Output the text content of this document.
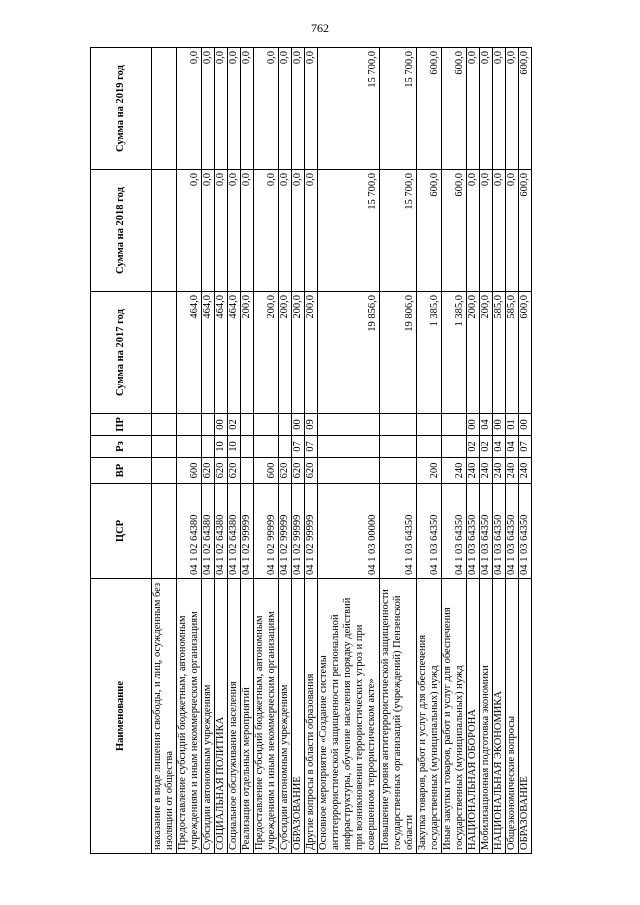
762
Наименование	ЦСР	ВР	Рз	ПР	Сумма на 2017 год	Сумма на 2018 год	Сумма на 2019 год
наказание в виде лишения свободы, и лиц, осужденным без изоляции от общества							
Предоставление субсидий бюджетным, автономным учреждениям и иным некоммерческим организациям	04 1 02 64380	600			464,0	0,0	0,0
Субсидии автономным учреждениям	04 1 02 64380	620			464,0	0,0	0,0
СОЦИАЛЬНАЯ ПОЛИТИКА	04 1 02 64380	620	10	00	464,0	0,0	0,0
Социальное обслуживание населения	04 1 02 64380	620	10	02	464,0	0,0	0,0
Реализация отдельных мероприятий	04 1 02 99999				200,0	0,0	0,0
Предоставление субсидий бюджетным, автономным учреждениям и иным некоммерческим организациям	04 1 02 99999	600			200,0	0,0	0,0
Субсидии автономным учреждениям	04 1 02 99999	620			200,0	0,0	0,0
ОБРАЗОВАНИЕ	04 1 02 99999	620	07	00	200,0	0,0	0,0
Другие вопросы в области образования	04 1 02 99999	620	07	09	200,0	0,0	0,0
Основное мероприятие «Создание системы антитеррористической защищенности региональной инфраструктуры, обучение населения порядку действий при возникновении террористических угроз и при совершенном террористическом акте»	04 1 03 00000				19 856,0	15 700,0	15 700,0
Повышение уровня антитеррористической защищенности государственных организаций (учреждений) Пензенской области	04 1 03 64350				19 806,0	15 700,0	15 700,0
Закупка товаров, работ и услуг для обеспечения государственных (муниципальных) нужд	04 1 03 64350	200			1 385,0	600,0	600,0
Иные закупки товаров, работ и услуг для обеспечения государственных (муниципальных) нужд	04 1 03 64350	240			1 385,0	600,0	600,0
НАЦИОНАЛЬНАЯ ОБОРОНА	04 1 03 64350	240	02	00	200,0	0,0	0,0
Мобилизационная подготовка экономики	04 1 03 64350	240	02	04	200,0	0,0	0,0
НАЦИОНАЛЬНАЯ ЭКОНОМИКА	04 1 03 64350	240	04	00	585,0	0,0	0,0
Общеэкономические вопросы	04 1 03 64350	240	04	01	585,0	0,0	0,0
ОБРАЗОВАНИЕ	04 1 03 64350	240	07	00	600,0	600,0	600,0
